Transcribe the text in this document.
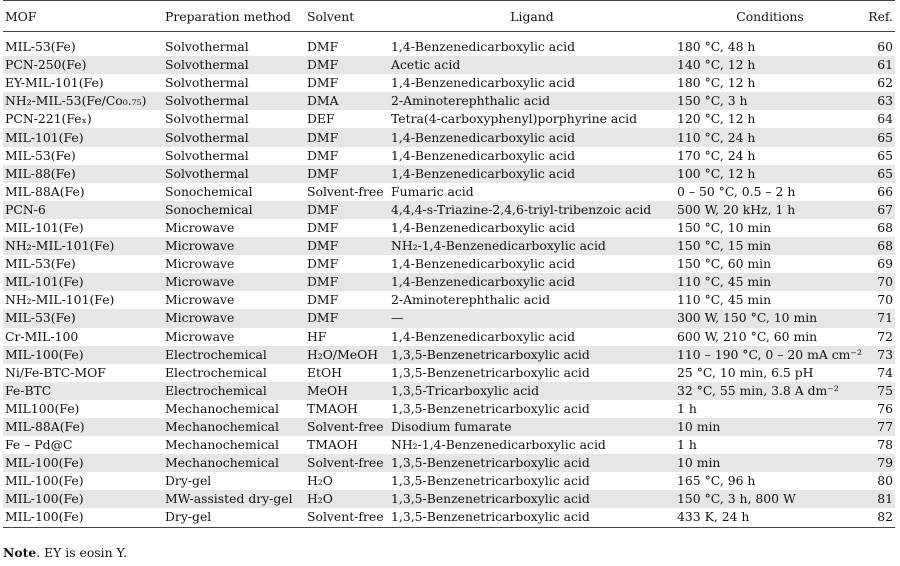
MOF	Preparation method	Solvent	Ligand	Conditions	Ref.
MIL-53(Fe)	Solvothermal	DMF	1,4-Benzenedicarboxylic acid	180 °C, 48 h	60
PCN-250(Fe)	Solvothermal	DMF	Acetic acid	140 °C, 12 h	61
EY-MIL-101(Fe)	Solvothermal	DMF	1,4-Benzenedicarboxylic acid	180 °C, 12 h	62
NH₂-MIL-53(Fe/Co₀.₇₅)	Solvothermal	DMA	2-Aminoterephthalic acid	150 °C, 3 h	63
PCN-221(Feₓ)	Solvothermal	DEF	Tetra(4-carboxyphenyl)porphyrine acid	120 °C, 12 h	64
MIL-101(Fe)	Solvothermal	DMF	1,4-Benzenedicarboxylic acid	110 °C, 24 h	65
MIL-53(Fe)	Solvothermal	DMF	1,4-Benzenedicarboxylic acid	170 °C, 24 h	65
MIL-88(Fe)	Solvothermal	DMF	1,4-Benzenedicarboxylic acid	100 °C, 12 h	65
MIL-88A(Fe)	Sonochemical	Solvent-free	Fumaric acid	0 – 50 °C, 0.5 – 2 h	66
PCN-6	Sonochemical	DMF	4,4,4-s-Triazine-2,4,6-triyl-tribenzoic acid	500 W, 20 kHz, 1 h	67
MIL-101(Fe)	Microwave	DMF	1,4-Benzenedicarboxylic acid	150 °C, 10 min	68
NH₂-MIL-101(Fe)	Microwave	DMF	NH₂-1,4-Benzenedicarboxylic acid	150 °C, 15 min	68
MIL-53(Fe)	Microwave	DMF	1,4-Benzenedicarboxylic acid	150 °C, 60 min	69
MIL-101(Fe)	Microwave	DMF	1,4-Benzenedicarboxylic acid	110 °C, 45 min	70
NH₂-MIL-101(Fe)	Microwave	DMF	2-Aminoterephthalic acid	110 °C, 45 min	70
MIL-53(Fe)	Microwave	DMF	—	300 W, 150 °C, 10 min	71
Cr-MIL-100	Microwave	HF	1,4-Benzenedicarboxylic acid	600 W, 210 °C, 60 min	72
MIL-100(Fe)	Electrochemical	H₂O/MeOH	1,3,5-Benzenetricarboxylic acid	110 – 190 °C, 0 – 20 mA cm⁻²	73
Ni/Fe-BTC-MOF	Electrochemical	EtOH	1,3,5-Benzenetricarboxylic acid	25 °C, 10 min, 6.5 pH	74
Fe-BTC	Electrochemical	MeOH	1,3,5-Tricarboxylic acid	32 °C, 55 min, 3.8 A dm⁻²	75
MIL100(Fe)	Mechanochemical	TMAOH	1,3,5-Benzenetricarboxylic acid	1 h	76
MIL-88A(Fe)	Mechanochemical	Solvent-free	Disodium fumarate	10 min	77
Fe – Pd@C	Mechanochemical	TMAOH	NH₂-1,4-Benzenedicarboxylic acid	1 h	78
MIL-100(Fe)	Mechanochemical	Solvent-free	1,3,5-Benzenetricarboxylic acid	10 min	79
MIL-100(Fe)	Dry-gel	H₂O	1,3,5-Benzenetricarboxylic acid	165 °C, 96 h	80
MIL-100(Fe)	MW-assisted dry-gel	H₂O	1,3,5-Benzenetricarboxylic acid	150 °C, 3 h, 800 W	81
MIL-100(Fe)	Dry-gel	Solvent-free	1,3,5-Benzenetricarboxylic acid	433 K, 24 h	82
Note. EY is eosin Y.
